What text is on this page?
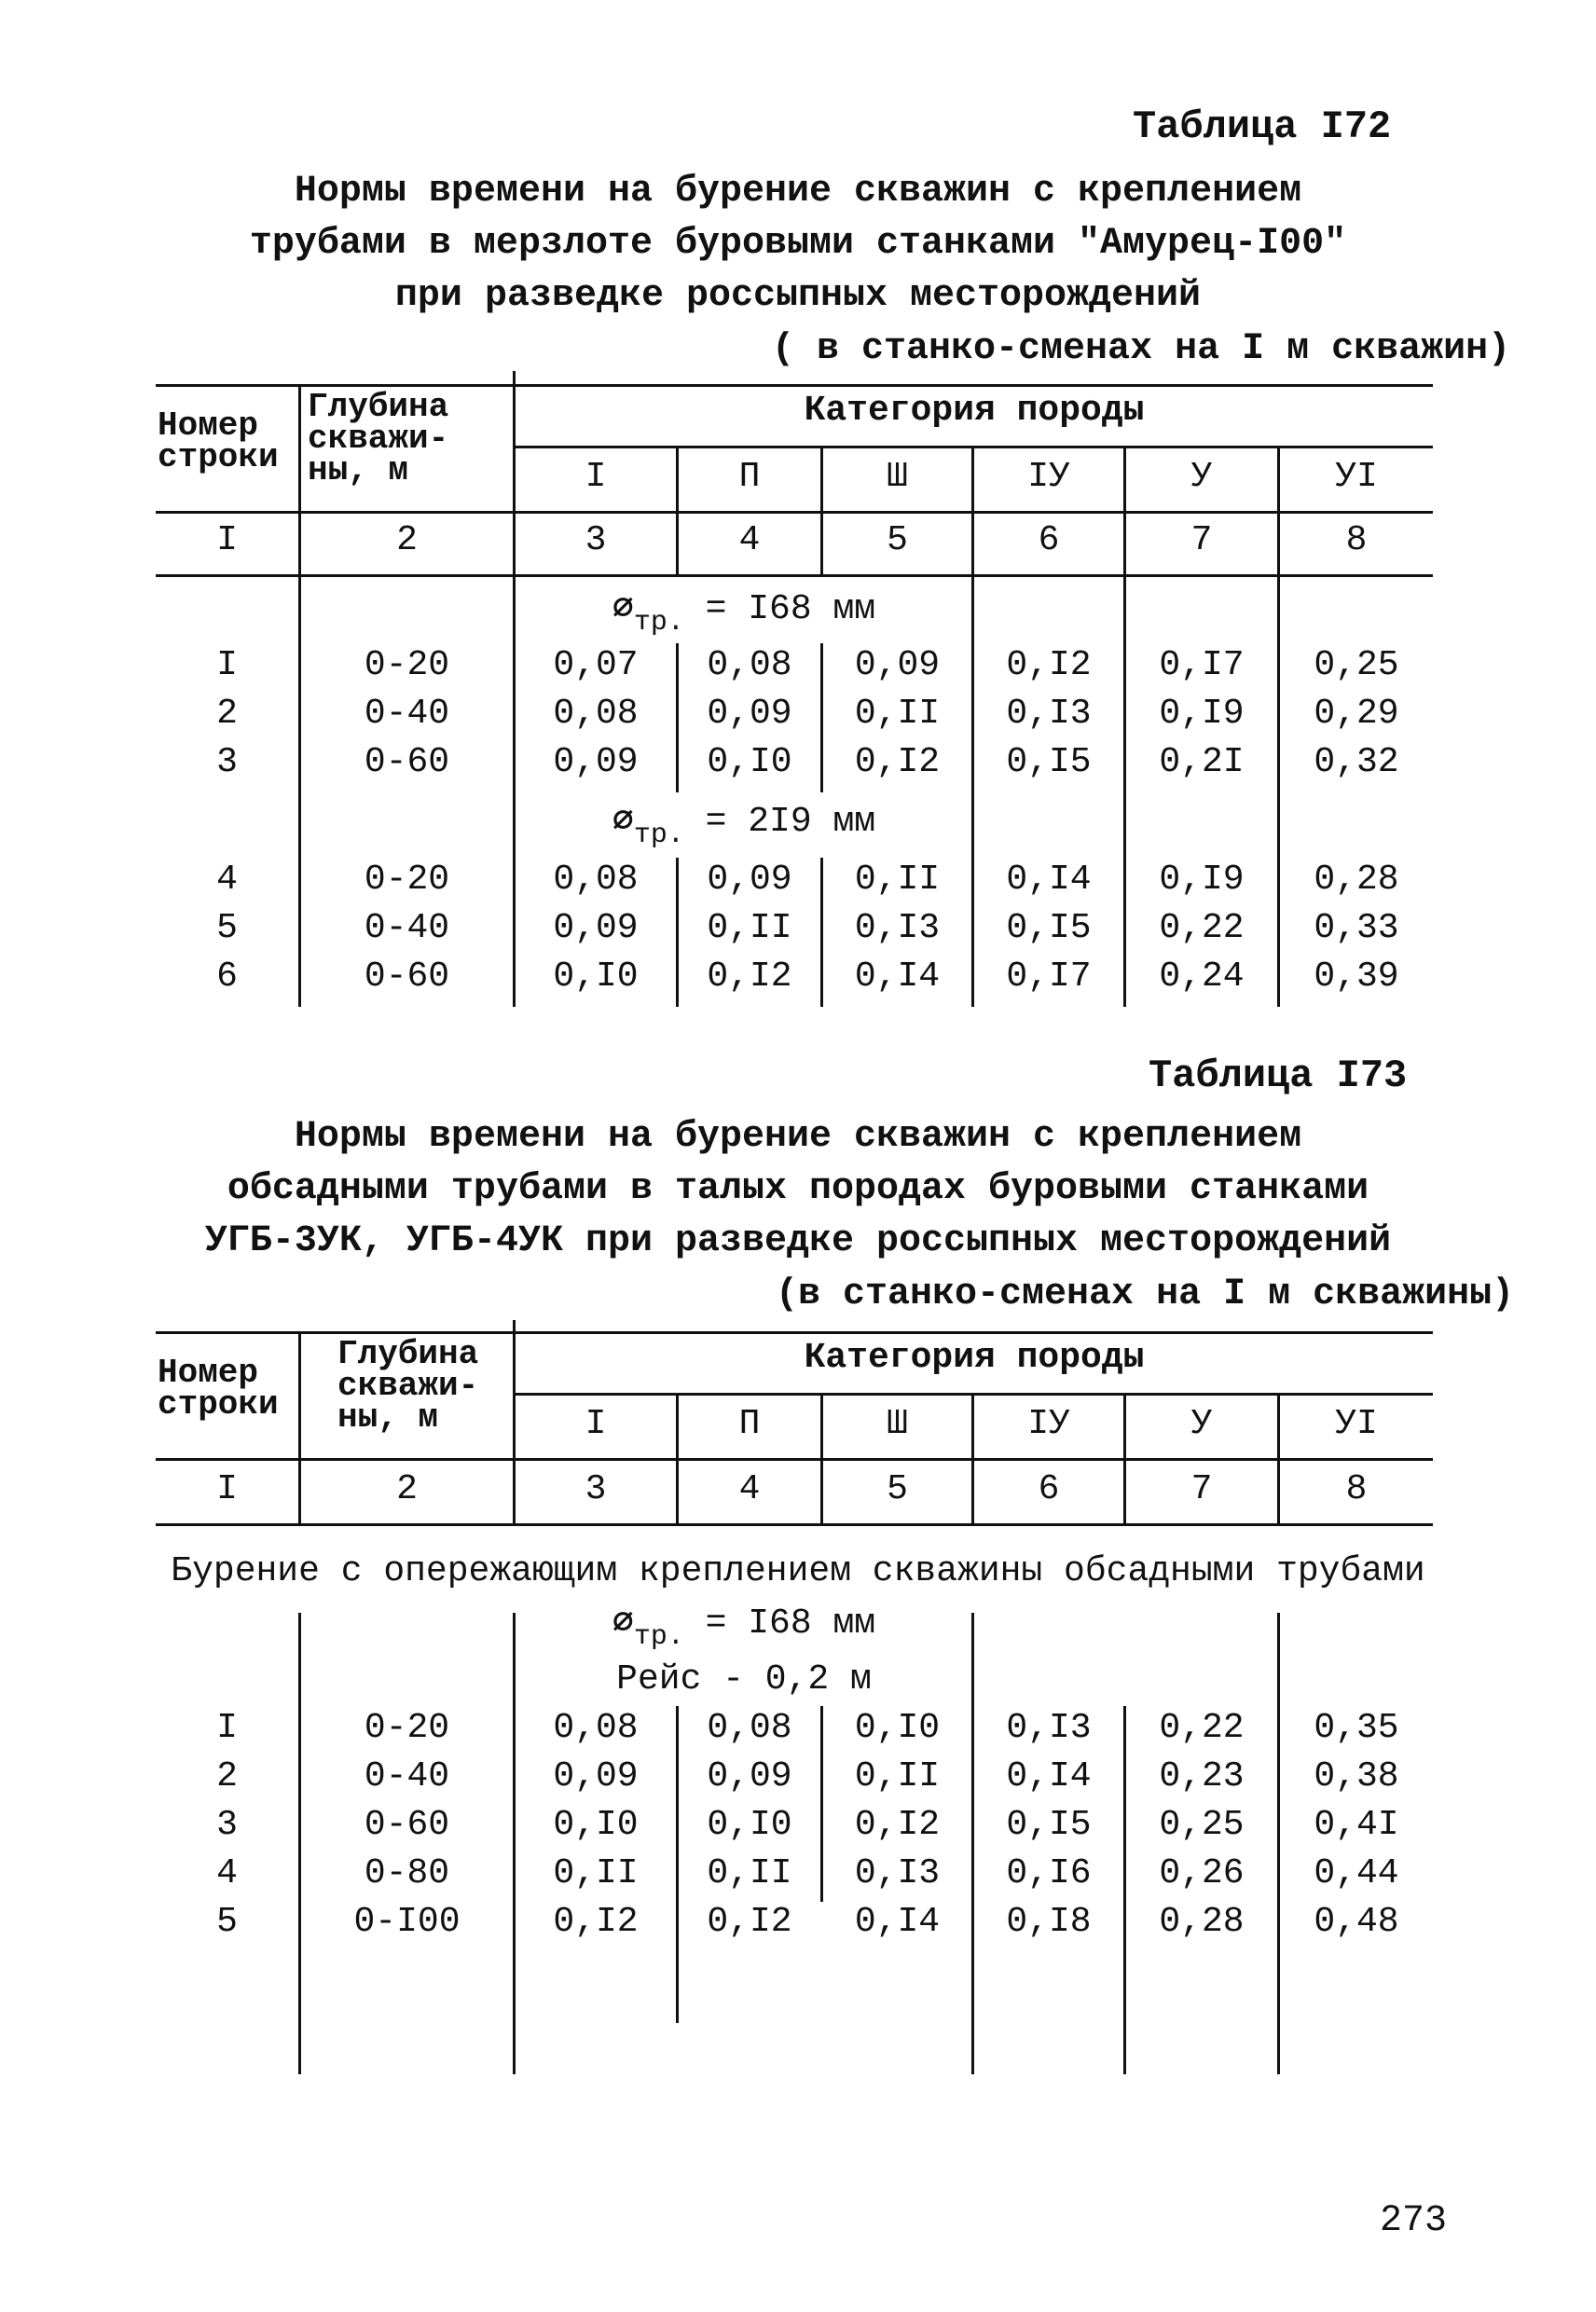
Таблица I72
Нормы времени на бурение скважин с креплением
трубами в мерзлоте буровыми станками "Амурец-I00"
при разведке россыпных месторождений
( в станко-сменах на I м скважин)
Номер строки
Глубина скважи- ны, м
Категория породы
I	П	Ш	IУ	У	УI
I	2	3	4	5	6	7	8
$⌀_{тр.} = I68$ мм
I	0-20	0,07	0,08	0,09	0,I2	0,I7	0,25
2	0-40	0,08	0,09	0,II	0,I3	0,I9	0,29
3	0-60	0,09	0,I0	0,I2	0,I5	0,2I	0,32
$⌀_{тр.} = 2I9$ мм
4	0-20	0,08	0,09	0,II	0,I4	0,I9	0,28
5	0-40	0,09	0,II	0,I3	0,I5	0,22	0,33
6	0-60	0,I0	0,I2	0,I4	0,I7	0,24	0,39
Таблица I73
Нормы времени на бурение скважин с креплением
обсадными трубами в талых породах буровыми станками
УГБ-3УК, УГБ-4УК при разведке россыпных месторождений
(в станко-сменах на I м скважины)
Номер строки
Глубина скважи- ны, м
Категория породы
I	П	Ш	IУ	У	УI
I	2	3	4	5	6	7	8
Бурение с опережающим креплением скважины обсадными трубами
$⌀_{тр.} = I68$ мм
Рейс - 0,2 м
I	0-20	0,08	0,08	0,I0	0,I3	0,22	0,35
2	0-40	0,09	0,09	0,II	0,I4	0,23	0,38
3	0-60	0,I0	0,I0	0,I2	0,I5	0,25	0,4I
4	0-80	0,II	0,II	0,I3	0,I6	0,26	0,44
5	0-I00	0,I2	0,I2	0,I4	0,I8	0,28	0,48
273
